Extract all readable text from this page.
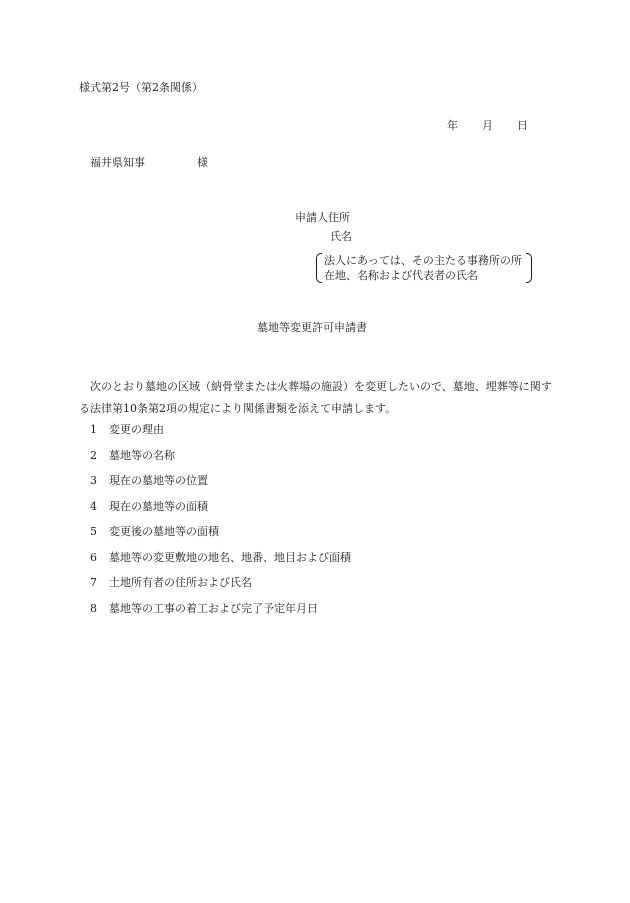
様式第2号（第2条関係）
年 月 日
福井県知事	様
申請人住所
氏名
法人にあっては、その主たる事務所の所
在地、名称および代表者の氏名
墓地等変更許可申請書

次のとおり墓地の区域（納骨堂または火葬場の施設）を変更したいので、墓地、埋葬等に関する法律第10条第2項の規定により関係書類を添えて申請します。

1 変更の理由
2 墓地等の名称
3 現在の墓地等の位置
4 現在の墓地等の面積
5 変更後の墓地等の面積
6 墓地等の変更敷地の地名、地番、地目および面積
7 土地所有者の住所および氏名
8 墓地等の工事の着工および完了予定年月日
